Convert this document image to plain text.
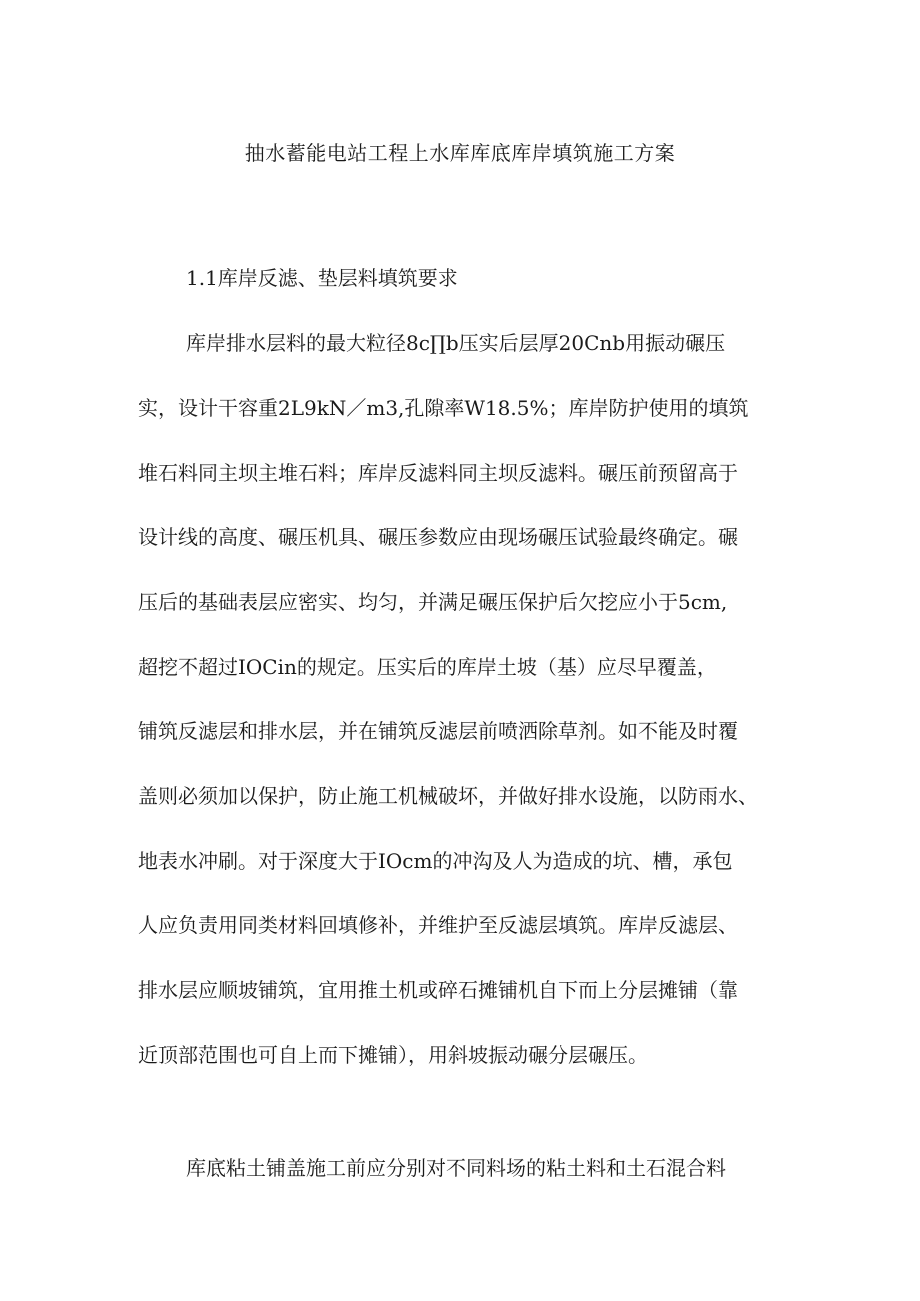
抽水蓄能电站工程上水库库底库岸填筑施工方案
1.1库岸反滤、垫层料填筑要求
库岸排水层料的最大粒径8c∏b压实后层厚20Cnb用振动碾压
实，设计干容重2L9kN／m3,孔隙率W18.5%；库岸防护使用的填筑
堆石料同主坝主堆石料；库岸反滤料同主坝反滤料。碾压前预留高于
设计线的高度、碾压机具、碾压参数应由现场碾压试验最终确定。碾
压后的基础表层应密实、均匀，并满足碾压保护后欠挖应小于5cm,
超挖不超过IOCin的规定。压实后的库岸土坡（基）应尽早覆盖，
铺筑反滤层和排水层，并在铺筑反滤层前喷洒除草剂。如不能及时覆
盖则必须加以保护，防止施工机械破坏，并做好排水设施，以防雨水、
地表水冲刷。对于深度大于IOcm的冲沟及人为造成的坑、槽，承包
人应负责用同类材料回填修补，并维护至反滤层填筑。库岸反滤层、
排水层应顺坡铺筑，宜用推土机或碎石摊铺机自下而上分层摊铺（靠
近顶部范围也可自上而下摊铺），用斜坡振动碾分层碾压。
库底粘土铺盖施工前应分别对不同料场的粘土料和土石混合料
